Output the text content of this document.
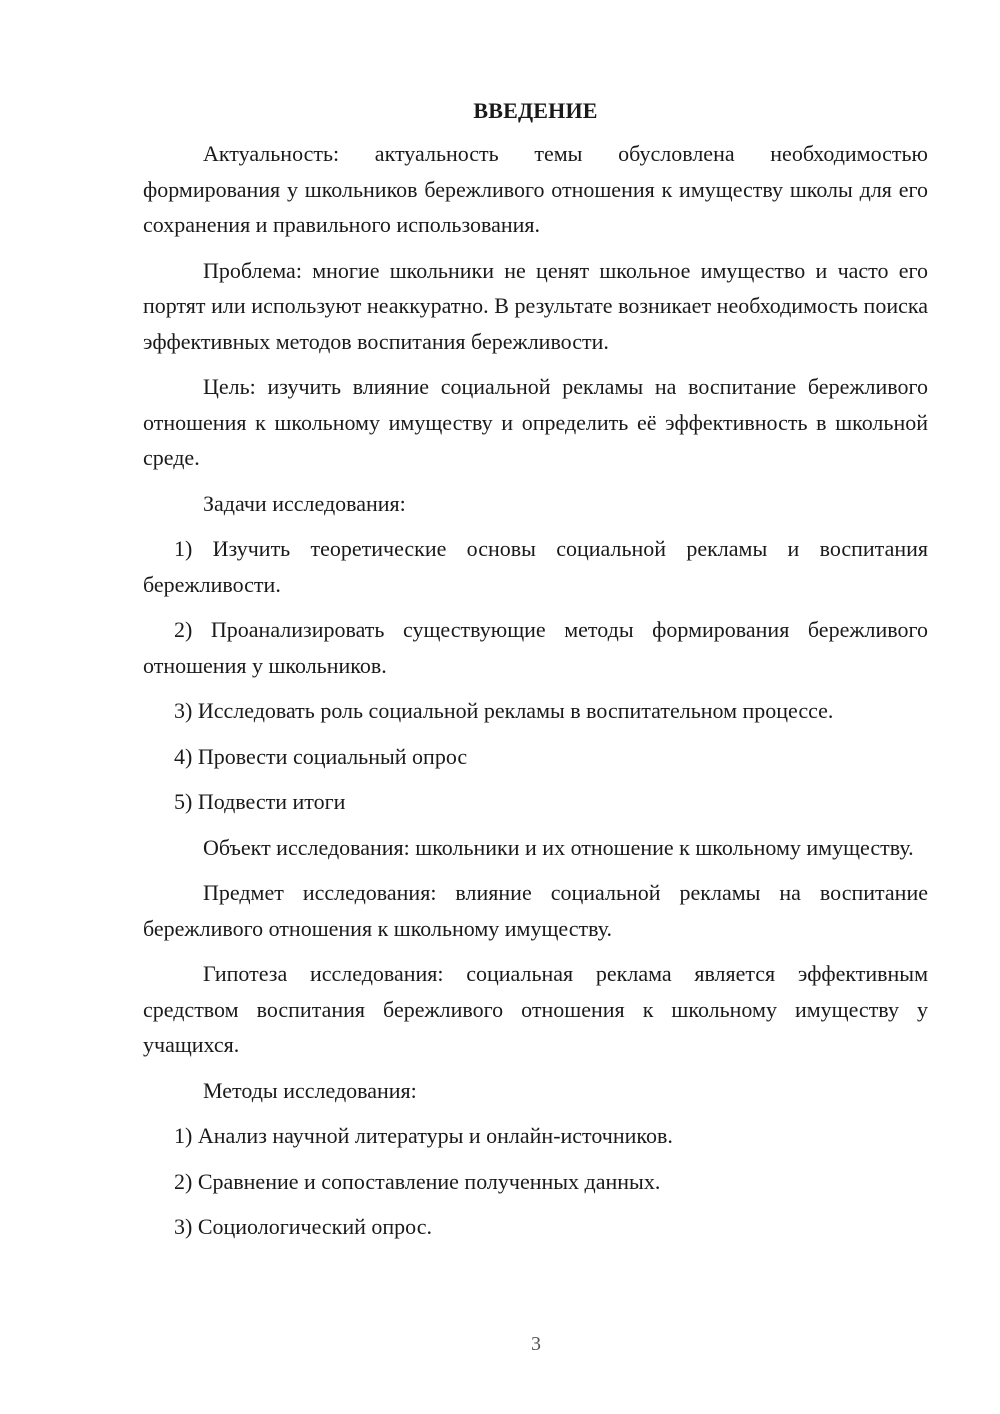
ВВЕДЕНИЕ

Актуальность: актуальность темы обусловлена необходимостью формирования у школьников бережливого отношения к имуществу школы для его сохранения и правильного использования.

Проблема: многие школьники не ценят школьное имущество и часто его портят или используют неаккуратно. В результате возникает необходимость поиска эффективных методов воспитания бережливости.

Цель: изучить влияние социальной рекламы на воспитание бережливого отношения к школьному имуществу и определить её эффективность в школьной среде.

Задачи исследования:

1) Изучить теоретические основы социальной рекламы и воспитания бережливости.

2) Проанализировать существующие методы формирования бережливого отношения у школьников.

3) Исследовать роль социальной рекламы в воспитательном процессе.

4) Провести социальный опрос

5) Подвести итоги

Объект исследования: школьники и их отношение к школьному имуществу.

Предмет исследования: влияние социальной рекламы на воспитание бережливого отношения к школьному имуществу.

Гипотеза исследования: социальная реклама является эффективным средством воспитания бережливого отношения к школьному имуществу у учащихся.

Методы исследования:

1) Анализ научной литературы и онлайн-источников.

2) Сравнение и сопоставление полученных данных.

3) Социологический опрос.

3
